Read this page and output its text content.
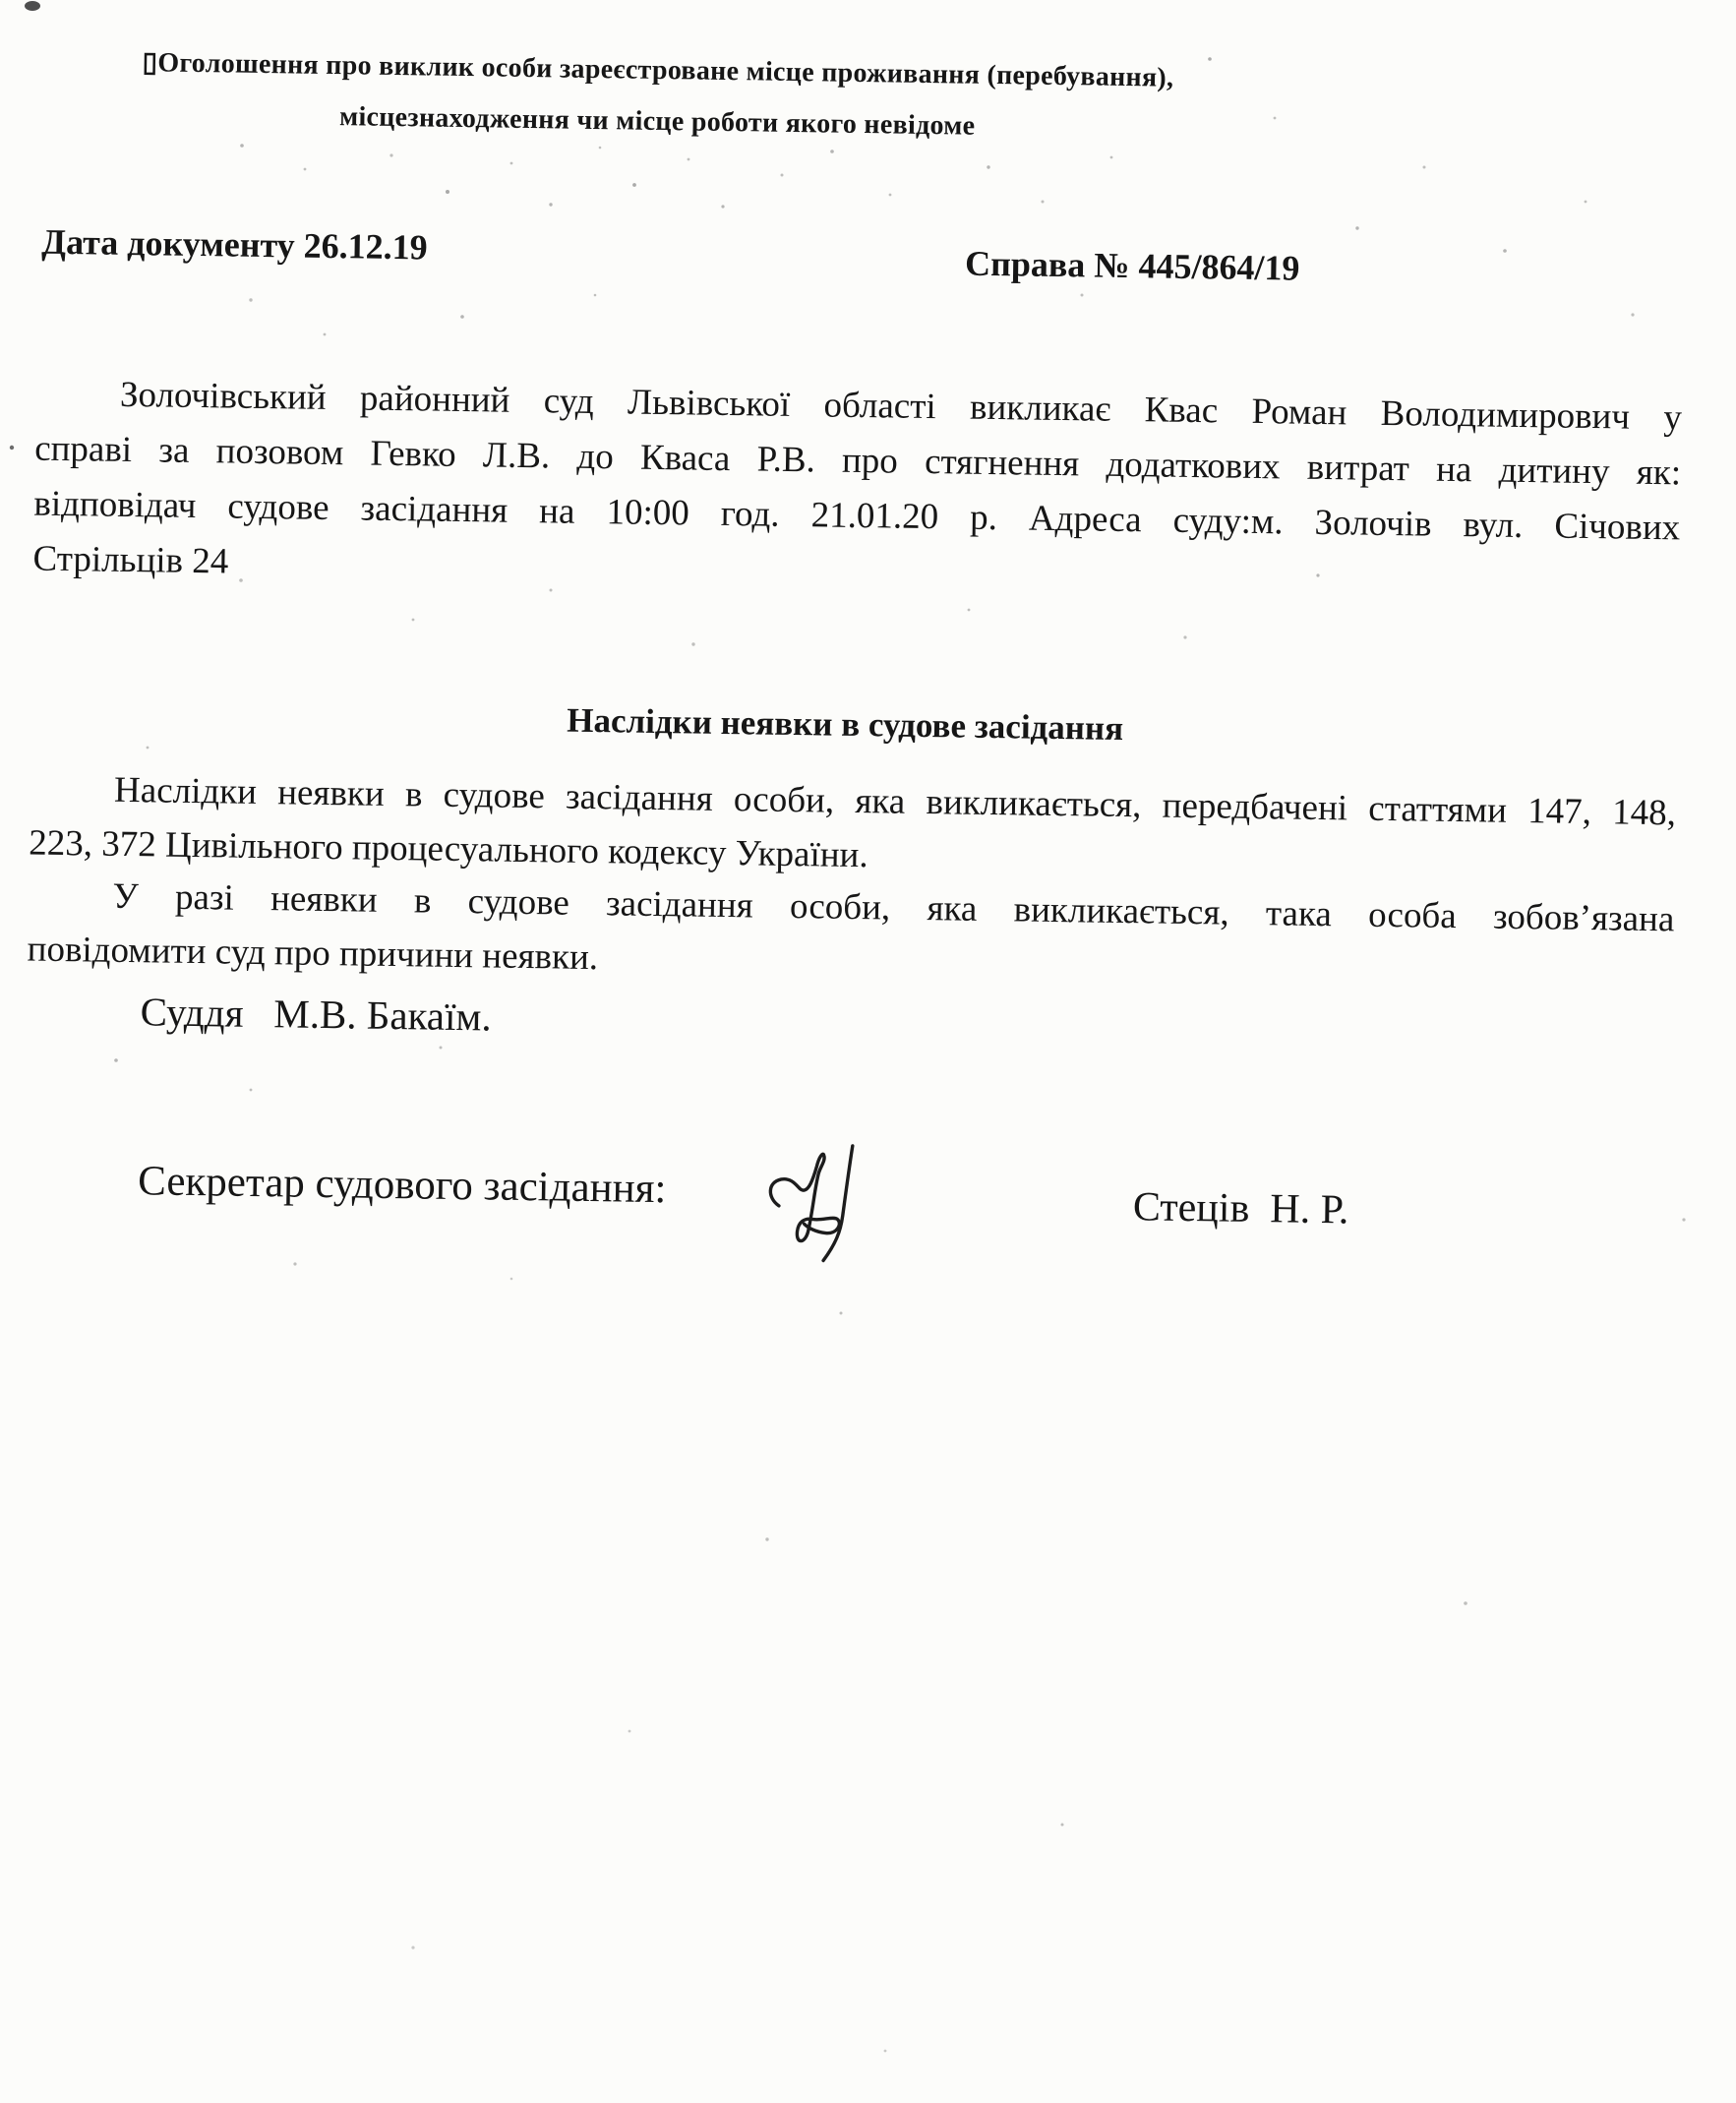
▯Оголошення про виклик особи зареєстроване місце проживання (перебування),
місцезнаходження чи місце роботи якого невідоме
Дата документу 26.12.19	Справа № 445/864/19
Золочівський районний суд Львівської області викликає Квас Роман Володимирович у
справі за позовом Гевко Л.В. до Кваса Р.В. про стягнення додаткових витрат на дитину як:
відповідач судове засідання на 10:00 год. 21.01.20 р. Адреса суду:м. Золочів вул. Січових
Стрільців 24
Наслідки неявки в судове засідання
Наслідки неявки в судове засідання особи, яка викликається, передбачені статтями 147, 148,
223, 372 Цивільного процесуального кодексу України.
У разі неявки в судове засідання особи, яка викликається, така особа зобов’язана
повідомити суд про причини неявки.
Суддя   М.В. Бакаїм.
Секретар судового засідання:	Стеців  Н. Р.
